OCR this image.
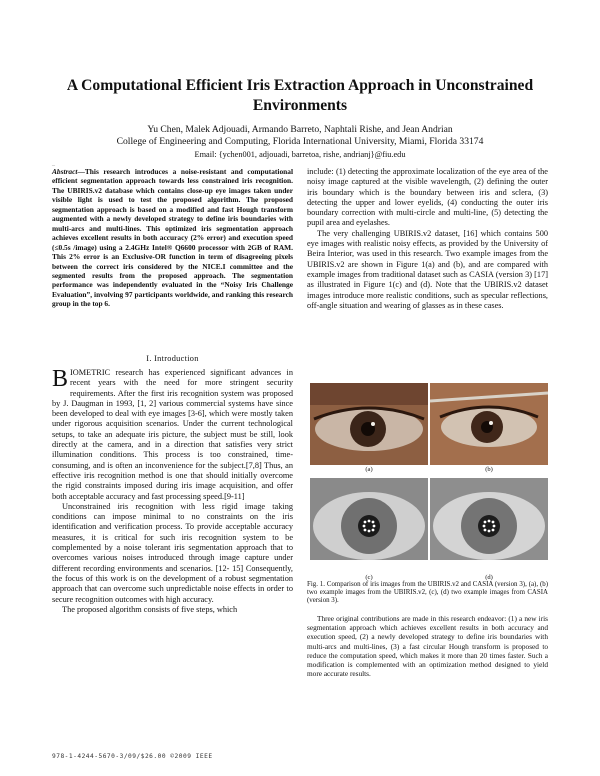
A Computational Efficient Iris Extraction Approach in Unconstrained Environments
Yu Chen, Malek Adjouadi, Armando Barreto, Naphtali Rishe, and Jean Andrian
College of Engineering and Computing, Florida International University, Miami, Florida 33174
Email: {ychen001, adjouadi, barretoa, rishe, andrianj}@fiu.edu
_
Abstract—This research introduces a noise-resistant and computational efficient segmentation approach towards less constrained iris recognition. The UBIRIS.v2 database which contains close-up eye images taken under visible light is used to test the proposed algorithm. The proposed segmentation approach is based on a modified and fast Hough transform augmented with a newly developed strategy to define iris boundaries with multi-arcs and multi-lines. This optimized iris segmentation approach achieves excellent results in both accuracy (2% error) and execution speed (≤0.5s /image) using a 2.4GHz Intel® Q6600 processor with 2GB of RAM. This 2% error is an Exclusive-OR function in term of disagreeing pixels between the correct iris considered by the NICE.I committee and the segmented results from the proposed approach. The segmentation performance was independently evaluated in the “Noisy Iris Challenge Evaluation”, involving 97 participants worldwide, and ranking this research group in the top 6.
I. Introduction

BIOMETRIC research has experienced significant advances in recent years with the need for more stringent security requirements. After the first iris recognition system was proposed by J. Daugman in 1993, [1, 2] various commercial systems have since been developed to deal with eye images [3-6], which were mostly taken under rigorous acquisition scenarios. Under the current technological setups, to take an adequate iris picture, the subject must be still, look directly at the camera, and in a direction that satisfies very strict illumination conditions. This process is too constrained, time-consuming, and is often an inconvenience for the subject.[7,8] Thus, an effective iris recognition method is one that should initially overcome the rigid constraints imposed during iris image acquisition, and offer both acceptable accuracy and fast processing speed.[9-11]

Unconstrained iris recognition with less rigid image taking conditions can impose minimal to no constraints on the iris identification and verification process. To provide acceptable accuracy measures, it is critical for such iris recognition system to be complemented by a noise tolerant iris segmentation approach that to overcomes various noises introduced through image capture under different recording environments and scenarios. [12- 15] Consequently, the focus of this work is on the development of a robust segmentation approach that can overcome such unpredictable noise effects in order to secure recognition outcomes with high accuracy.

The proposed algorithm consists of five steps, which

include: (1) detecting the approximate localization of the eye area of the noisy image captured at the visible wavelength, (2) defining the outer iris boundary which is the boundary between iris and sclera, (3) detecting the upper and lower eyelids, (4) conducting the outer iris boundary correction with multi-circle and multi-line, (5) detecting the pupil area and eyelashes.

The very challenging UBIRIS.v2 dataset, [16] which contains 500 eye images with realistic noisy effects, as provided by the University of Beira Interior, was used in this research. Two example images from the UBIRIS.v2 are shown in Figure 1(a) and (b), and are compared with example images from traditional dataset such as CASIA (version 3) [17] as illustrated in Figure 1(c) and (d). Note that the UBIRIS.v2 dataset images introduce more realistic conditions, such as specular reflections, off-angle situation and wearing of glasses as in these cases.

(a)	(b)
(c)	(d)
Fig. 1. Comparison of iris images from the UBIRIS.v2 and CASIA (version 3), (a), (b) two example images from the UBIRIS.v2, (c), (d) two example images from CASIA (version 3).

Three original contributions are made in this research endeavor: (1) a new iris segmentation approach which achieves excellent results in both accuracy and execution speed, (2) a newly developed strategy to define iris boundaries with multi-arcs and multi-lines, (3) a fast circular Hough transform is proposed to reduce the computation speed, which makes it more than 20 times faster. Such a modification is complemented with an optimization method designed to yield more accurate results.

978-1-4244-5670-3/09/$26.00 ©2009 IEEE
